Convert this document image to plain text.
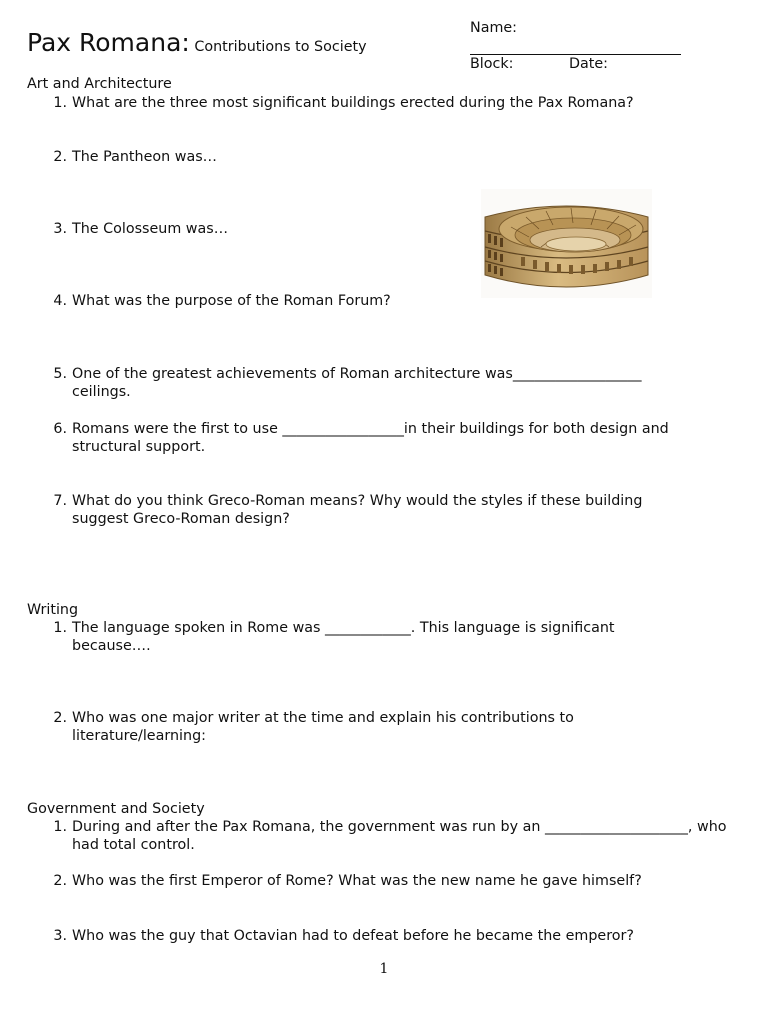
Pax Romana: Contributions to Society
Name:
Block:	Date:
Art and Architecture
1. What are the three most significant buildings erected during the Pax Romana?
2. The Pantheon was…
3. The Colosseum was…
4. What was the purpose of the Roman Forum?
5. One of the greatest achievements of Roman architecture was__________________ ceilings.
6. Romans were the first to use _________________in their buildings for both design and structural support.
7. What do you think Greco-Roman means? Why would the styles if these building suggest Greco-Roman design?
Writing
1. The language spoken in Rome was ____________. This language is significant because….
2. Who was one major writer at the time and explain his contributions to literature/learning:
Government and Society
1. During and after the Pax Romana, the government was run by an ____________________, who had total control.
2. Who was the first Emperor of Rome? What was the new name he gave himself?
3. Who was the guy that Octavian had to defeat before he became the emperor?
1
